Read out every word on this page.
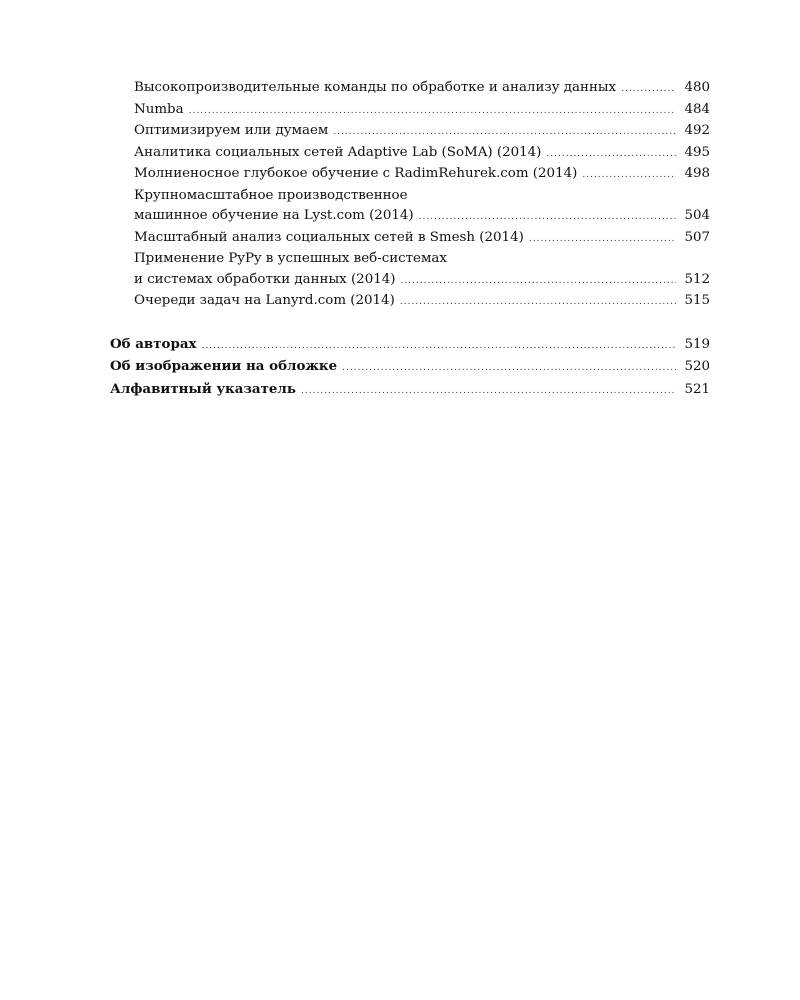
Высокопроизводительные команды по обработке и анализу данных .....	480
Numba .....	484
Оптимизируем или думаем .....	492
Аналитика социальных сетей Adaptive Lab (SoMA) (2014) .....	495
Молниеносное глубокое обучение с RadimRehurek.com (2014) .....	498
Крупномасштабное производственное
машинное обучение на Lyst.com (2014) .....	504
Масштабный анализ социальных сетей в Smesh (2014) .....	507
Применение PyPy в успешных веб-системах
и системах обработки данных (2014) .....	512
Очереди задач на Lanyrd.com (2014) .....	515
Об авторах .....	519
Об изображении на обложке .....	520
Алфавитный указатель .....	521
